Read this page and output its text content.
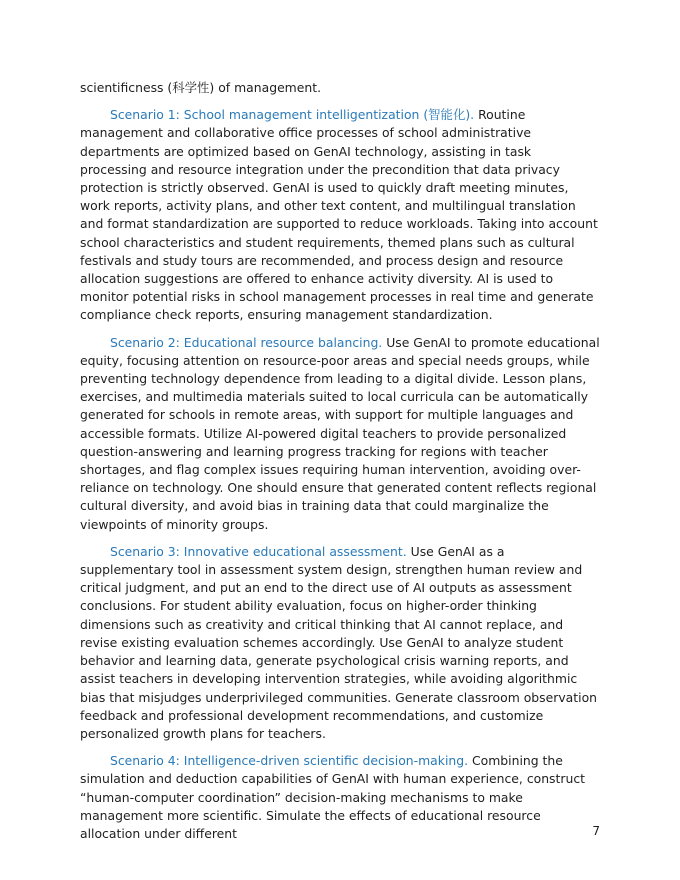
scientificness (科学性) of management.

Scenario 1: School management intelligentization (智能化). Routine management and collaborative office processes of school administrative departments are optimized based on GenAI technology, assisting in task processing and resource integration under the precondition that data privacy protection is strictly observed. GenAI is used to quickly draft meeting minutes, work reports, activity plans, and other text content, and multilingual translation and format standardization are supported to reduce workloads. Taking into account school characteristics and student requirements, themed plans such as cultural festivals and study tours are recommended, and process design and resource allocation suggestions are offered to enhance activity diversity. AI is used to monitor potential risks in school management processes in real time and generate compliance check reports, ensuring management standardization.

Scenario 2: Educational resource balancing. Use GenAI to promote educational equity, focusing attention on resource-poor areas and special needs groups, while preventing technology dependence from leading to a digital divide. Lesson plans, exercises, and multimedia materials suited to local curricula can be automatically generated for schools in remote areas, with support for multiple languages and accessible formats. Utilize AI-powered digital teachers to provide personalized question-answering and learning progress tracking for regions with teacher shortages, and flag complex issues requiring human intervention, avoiding over-reliance on technology. One should ensure that generated content reflects regional cultural diversity, and avoid bias in training data that could marginalize the viewpoints of minority groups.

Scenario 3: Innovative educational assessment. Use GenAI as a supplementary tool in assessment system design, strengthen human review and critical judgment, and put an end to the direct use of AI outputs as assessment conclusions. For student ability evaluation, focus on higher-order thinking dimensions such as creativity and critical thinking that AI cannot replace, and revise existing evaluation schemes accordingly. Use GenAI to analyze student behavior and learning data, generate psychological crisis warning reports, and assist teachers in developing intervention strategies, while avoiding algorithmic bias that misjudges underprivileged communities. Generate classroom observation feedback and professional development recommendations, and customize personalized growth plans for teachers.

Scenario 4: Intelligence-driven scientific decision-making. Combining the simulation and deduction capabilities of GenAI with human experience, construct “human-computer coordination” decision-making mechanisms to make management more scientific. Simulate the effects of educational resource allocation under different	7
